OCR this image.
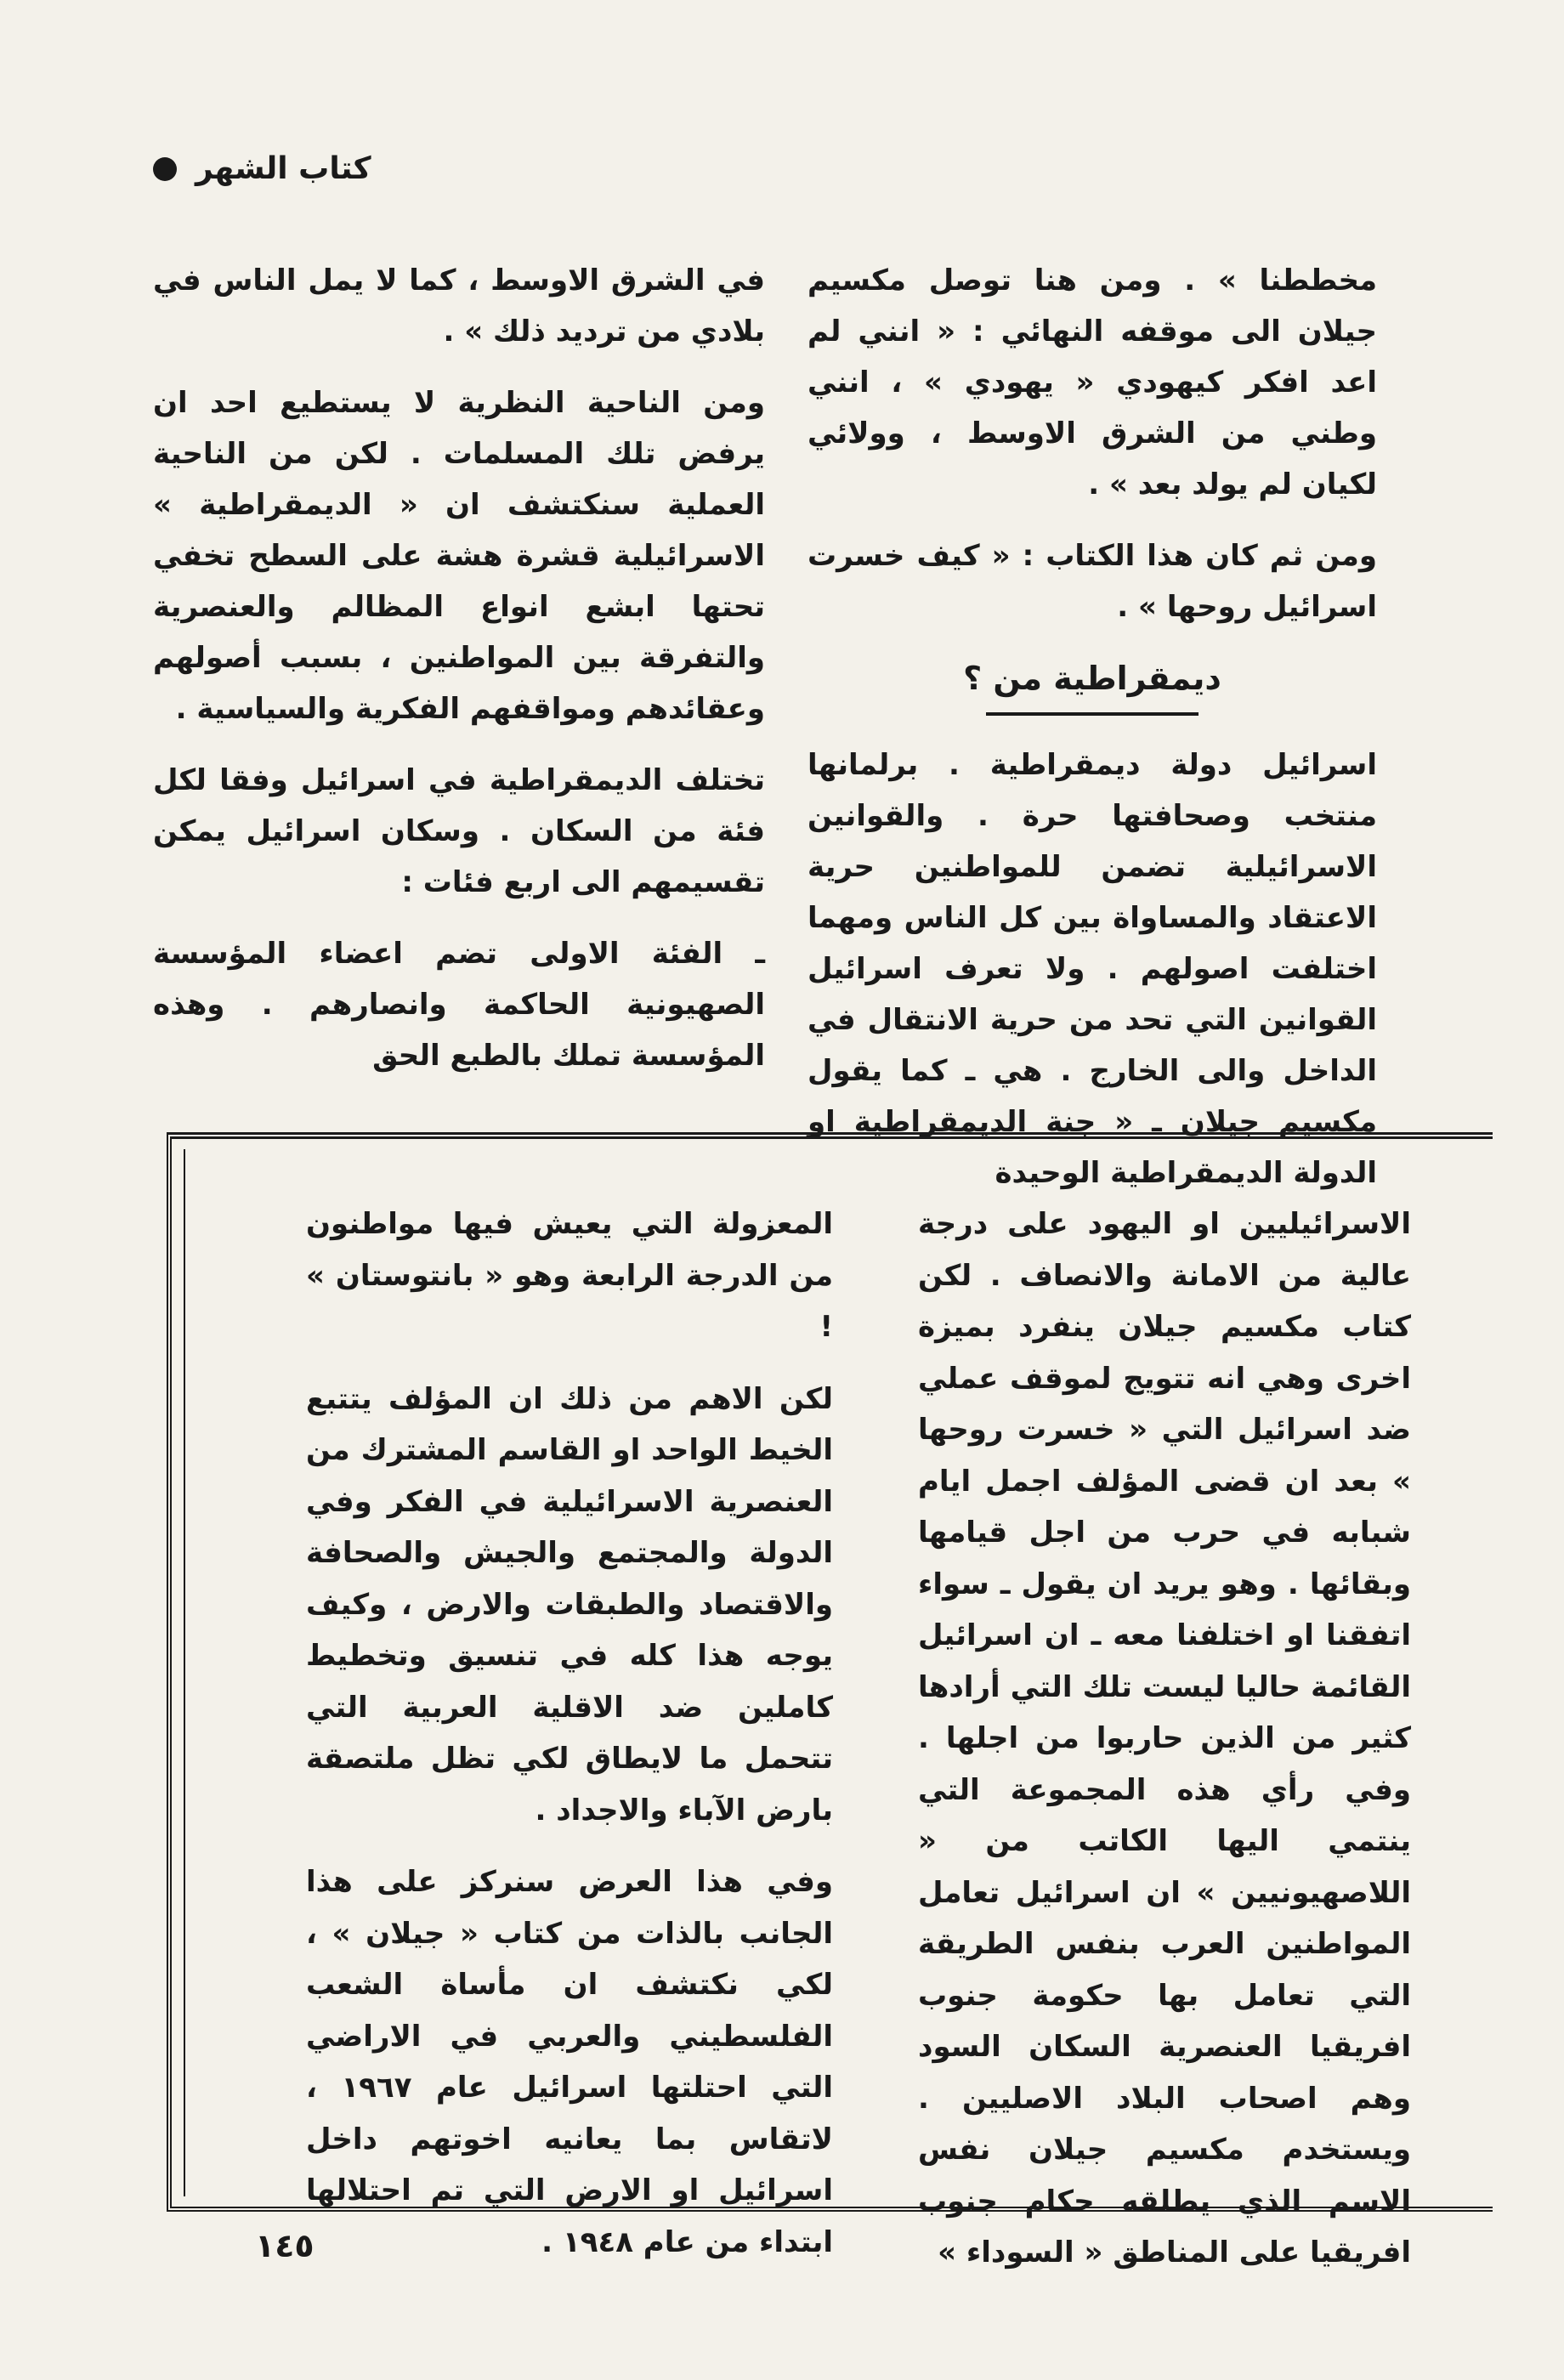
كتاب الشهر

مخططنا » . ومن هنا توصل مكسيم جيلان الى موقفه النهائي : « انني لم اعد افكر كيهودي « يهودي » ، انني وطني من الشرق الاوسط ، وولائي لكيان لم يولد بعد » .

ومن ثم كان هذا الكتاب : « كيف خسرت اسرائيل روحها » .

ديمقراطية من ؟

اسرائيل دولة ديمقراطية . برلمانها منتخب وصحافتها حرة . والقوانين الاسرائيلية تضمن للمواطنين حرية الاعتقاد والمساواة بين كل الناس ومهما اختلفت اصولهم . ولا تعرف اسرائيل القوانين التي تحد من حرية الانتقال في الداخل والى الخارج . هي ـ كما يقول مكسيم جيلان ـ « جنة الديمقراطية او الدولة الديمقراطية الوحيدة

في الشرق الاوسط ، كما لا يمل الناس في بلادي من ترديد ذلك » .

ومن الناحية النظرية لا يستطيع احد ان يرفض تلك المسلمات . لكن من الناحية العملية سنكتشف ان « الديمقراطية » الاسرائيلية قشرة هشة على السطح تخفي تحتها ابشع انواع المظالم والعنصرية والتفرقة بين المواطنين ، بسبب أصولهم وعقائدهم ومواقفهم الفكرية والسياسية .

تختلف الديمقراطية في اسرائيل وفقا لكل فئة من السكان . وسكان اسرائيل يمكن تقسيمهم الى اربع فئات :

ـ الفئة الاولى تضم اعضاء المؤسسة الصهيونية الحاكمة وانصارهم . وهذه المؤسسة تملك بالطبع الحق

الاسرائيليين او اليهود على درجة عالية من الامانة والانصاف . لكن كتاب مكسيم جيلان ينفرد بميزة اخرى وهي انه تتويج لموقف عملي ضد اسرائيل التي « خسرت روحها » بعد ان قضى المؤلف اجمل ايام شبابه في حرب من اجل قيامها وبقائها . وهو يريد ان يقول ـ سواء اتفقنا او اختلفنا معه ـ ان اسرائيل القائمة حاليا ليست تلك التي أرادها كثير من الذين حاربوا من اجلها . وفي رأي هذه المجموعة التي ينتمي اليها الكاتب من « اللاصهيونيين » ان اسرائيل تعامل المواطنين العرب بنفس الطريقة التي تعامل بها حكومة جنوب افريقيا العنصرية السكان السود وهم اصحاب البلاد الاصليين . ويستخدم مكسيم جيلان نفس الاسم الذي يطلقه حكام جنوب افريقيا على المناطق « السوداء »

المعزولة التي يعيش فيها مواطنون من الدرجة الرابعة وهو « بانتوستان » !

لكن الاهم من ذلك ان المؤلف يتتبع الخيط الواحد او القاسم المشترك من العنصرية الاسرائيلية في الفكر وفي الدولة والمجتمع والجيش والصحافة والاقتصاد والطبقات والارض ، وكيف يوجه هذا كله في تنسيق وتخطيط كاملين ضد الاقلية العربية التي تتحمل ما لايطاق لكي تظل ملتصقة بارض الآباء والاجداد .

وفي هذا العرض سنركز على هذا الجانب بالذات من كتاب « جيلان » ، لكي نكتشف ان مأساة الشعب الفلسطيني والعربي في الاراضي التي احتلتها اسرائيل عام ١٩٦٧ ، لاتقاس بما يعانيه اخوتهم داخل اسرائيل او الارض التي تم احتلالها ابتداء من عام ١٩٤٨ .

١٤٥
